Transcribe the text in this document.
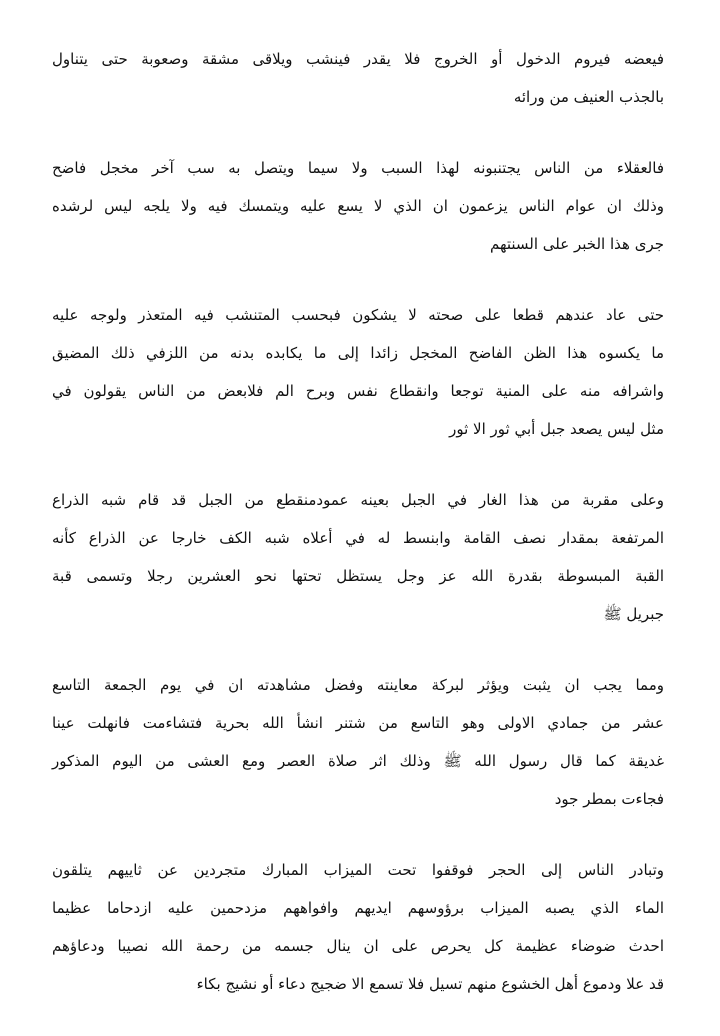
فيعضه فيروم الدخول أو الخروج فلا يقدر فينشب ويلاقى مشقة وصعوبة حتى يتناول
بالجذب العنيف من ورائه

فالعقلاء من الناس يجتنبونه لهذا السبب ولا سيما ويتصل به سب آخر مخجل فاضح
وذلك ان عوام الناس يزعمون ان الذي لا يسع عليه ويتمسك فيه ولا يلجه ليس لرشده
جرى هذا الخبر على السنتهم

حتى عاد عندهم قطعا على صحته لا يشكون فبحسب المتنشب فيه المتعذر ولوجه عليه
ما يكسوه هذا الظن الفاضح المخجل زائدا إلى ما يكابده بدنه من اللزفي ذلك المضيق
واشرافه منه على المنية توجعا وانقطاع نفس وبرح الم فلابعض من الناس يقولون في
مثل ليس يصعد جبل أبي ثور الا ثور

وعلى مقربة من هذا الغار في الجبل بعينه عمودمنقطع من الجبل قد قام شبه الذراع
المرتفعة بمقدار نصف القامة وابنسط له في أعلاه شبه الكف خارجا عن الذراع كأنه
القبة المبسوطة بقدرة الله عز وجل يستظل تحتها نحو العشرين رجلا وتسمى قبة
جبريل ﷺ

ومما يجب ان يثبت ويؤثر لبركة معاينته وفضل مشاهدته ان في يوم الجمعة التاسع
عشر من جمادي الاولى وهو التاسع من شتنر انشأ الله بحرية فتشاءمت فانهلت عينا
غديقة كما قال رسول الله ﷺ وذلك اثر صلاة العصر ومع العشى من اليوم المذكور
فجاءت بمطر جود

وتبادر الناس إلى الحجر فوقفوا تحت الميزاب المبارك متجردين عن ثاييهم يتلقون
الماء الذي يصبه الميزاب برؤوسهم ايديهم وافواههم مزدحمين عليه ازدحاما عظيما
احدث ضوضاء عظيمة كل يحرص على ان ينال جسمه من رحمة الله نصيبا ودعاؤهم
قد علا ودموع أهل الخشوع منهم تسيل فلا تسمع الا ضجيج دعاء أو نشيج بكاء
